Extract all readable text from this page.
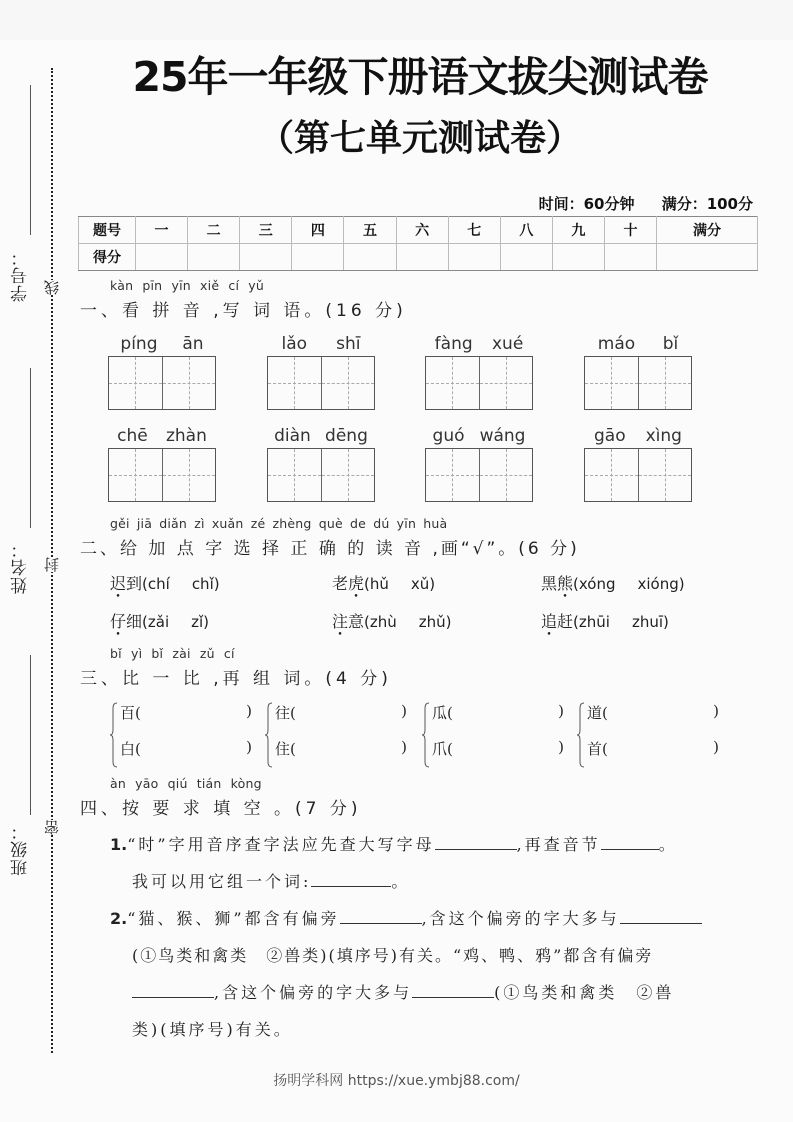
学号： 线
姓名： 封
班级： 密
25年一年级下册语文拔尖测试卷
（第七单元测试卷）
时间：60分钟 满分：100分
题号	一	二	三	四	五	六	七	八	九	十	满分
得分											
kàn pīn yīn xiě cí yǔ
一、看 拼 音 ,写 词 语。(16 分)
píng ān	lǎo shī	fàng xué	máo bǐ
chē zhàn	diàn dēng	guó wáng	gāo xìng
gěi jiā diǎn zì xuǎn zé zhèng què de dú yīn huà
二、给 加 点 字 选 择 正 确 的 读 音 ,画“√”。(6 分)
迟到(chí chǐ)	老虎(hǔ xǔ)	黑熊(xóng xióng)
仔细(zǎi zǐ)	注意(zhù zhǔ)	追赶(zhūi zhuī)
bǐ yì bǐ zài zǔ cí
三、比 一 比 ,再 组 词。(4 分)
百(	)
白(	)
往(	)
住(	)
瓜(	)
爪(	)
道(	)
首(	)
àn yāo qiú tián kòng
四、按 要 求 填 空 。(7 分)
1.“时”字用音序查字法应先查大写字母	,再查音节	。
我可以用它组一个词:	。
2.“猫、猴、狮”都含有偏旁	,含这个偏旁的字大多与
(①鸟类和禽类　②兽类)(填序号)有关。“鸡、鸭、鸦”都含有偏旁
,含这个偏旁的字大多与	(①鸟类和禽类　②兽
类)(填序号)有关。
扬明学科网 https://xue.ymbj88.com/
